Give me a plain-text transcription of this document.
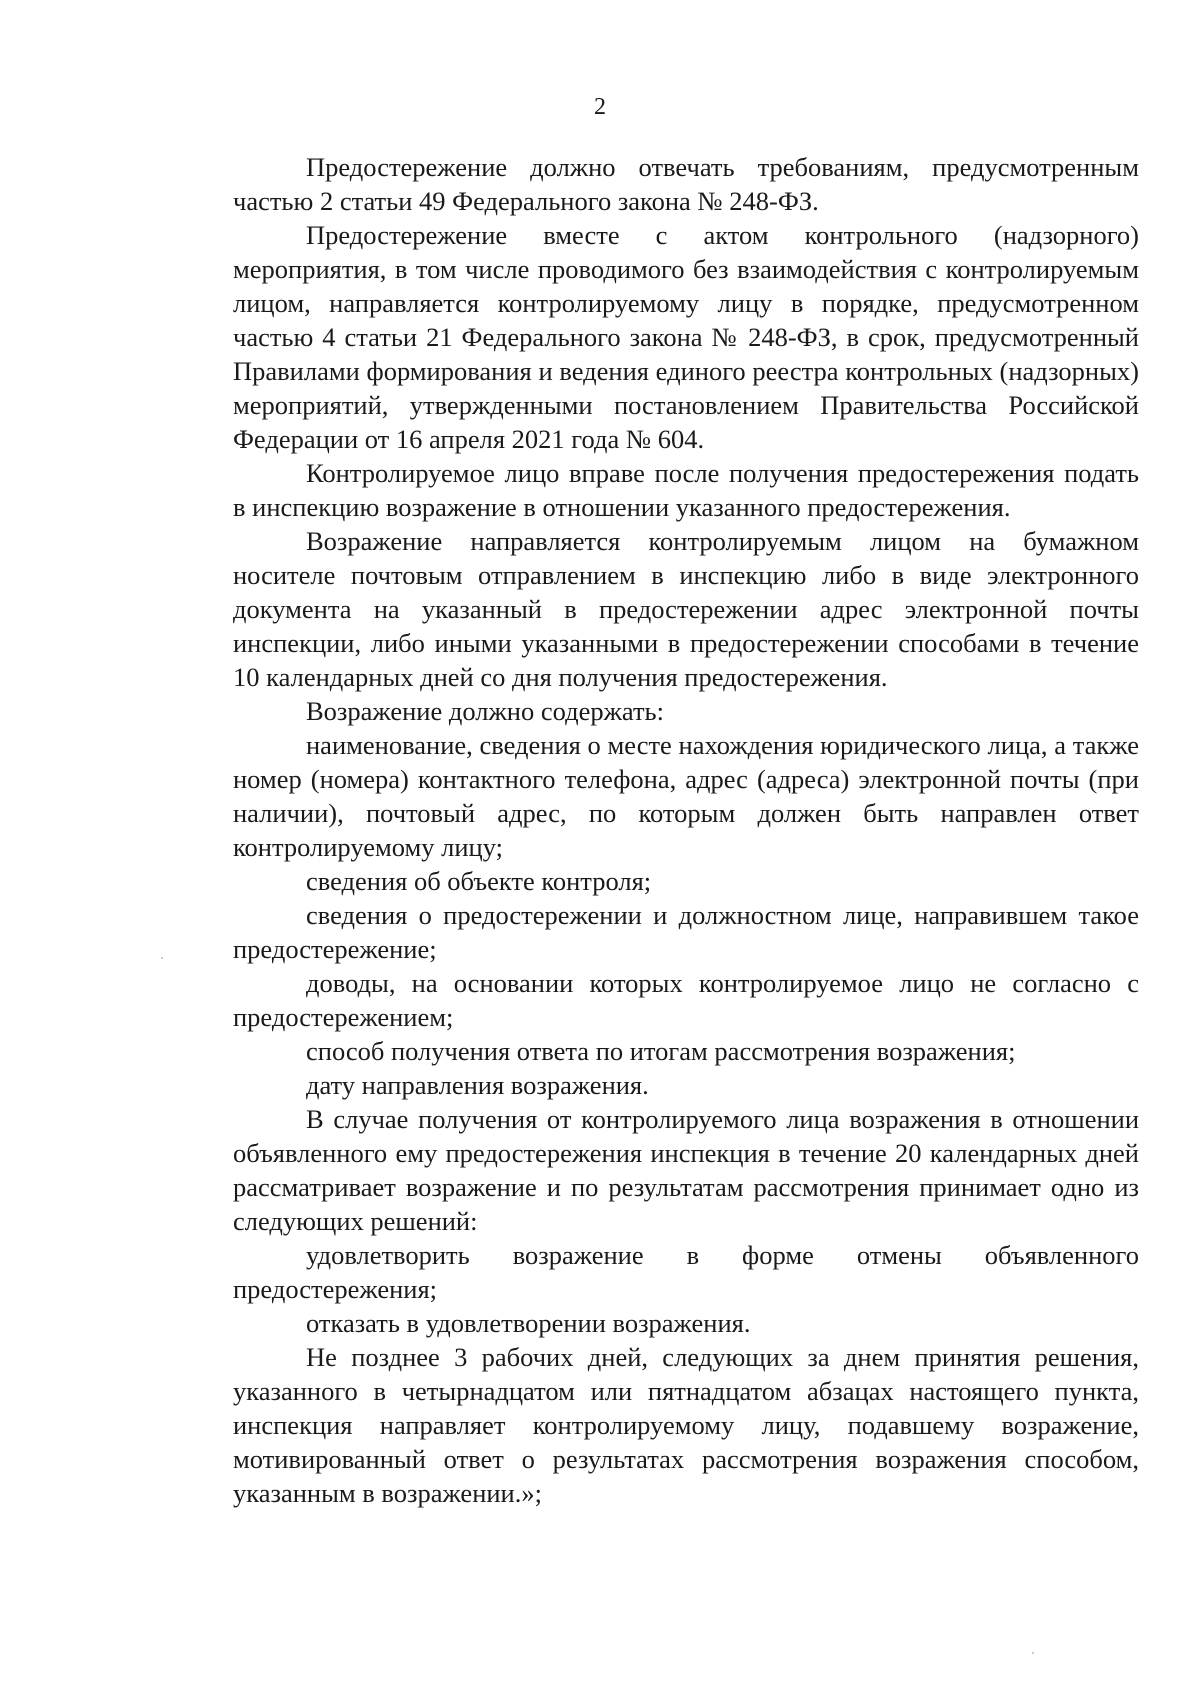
2

Предостережение должно отвечать требованиям, предусмотренным частью 2 статьи 49 Федерального закона № 248-ФЗ.

Предостережение вместе с актом контрольного (надзорного) мероприятия, в том числе проводимого без взаимодействия с контролируемым лицом, направляется контролируемому лицу в порядке, предусмотренном частью 4 статьи 21 Федерального закона № 248-ФЗ, в срок, предусмотренный Правилами формирования и ведения единого реестра контрольных (надзорных) мероприятий, утвержденными постановлением Правительства Российской Федерации от 16 апреля 2021 года № 604.

Контролируемое лицо вправе после получения предостережения подать в инспекцию возражение в отношении указанного предостережения.

Возражение направляется контролируемым лицом на бумажном носителе почтовым отправлением в инспекцию либо в виде электронного документа на указанный в предостережении адрес электронной почты инспекции, либо иными указанными в предостережении способами в течение 10 календарных дней со дня получения предостережения.

Возражение должно содержать:

наименование, сведения о месте нахождения юридического лица, а также номер (номера) контактного телефона, адрес (адреса) электронной почты (при наличии), почтовый адрес, по которым должен быть направлен ответ контролируемому лицу;

сведения об объекте контроля;

сведения о предостережении и должностном лице, направившем такое предостережение;

доводы, на основании которых контролируемое лицо не согласно с предостережением;

способ получения ответа по итогам рассмотрения возражения;

дату направления возражения.

В случае получения от контролируемого лица возражения в отношении объявленного ему предостережения инспекция в течение 20 календарных дней рассматривает возражение и по результатам рассмотрения принимает одно из следующих решений:

удовлетворить возражение в форме отмены объявленного предостережения;

отказать в удовлетворении возражения.

Не позднее 3 рабочих дней, следующих за днем принятия решения, указанного в четырнадцатом или пятнадцатом абзацах настоящего пункта, инспекция направляет контролируемому лицу, подавшему возражение, мотивированный ответ о результатах рассмотрения возражения способом, указанным в возражении.»;
